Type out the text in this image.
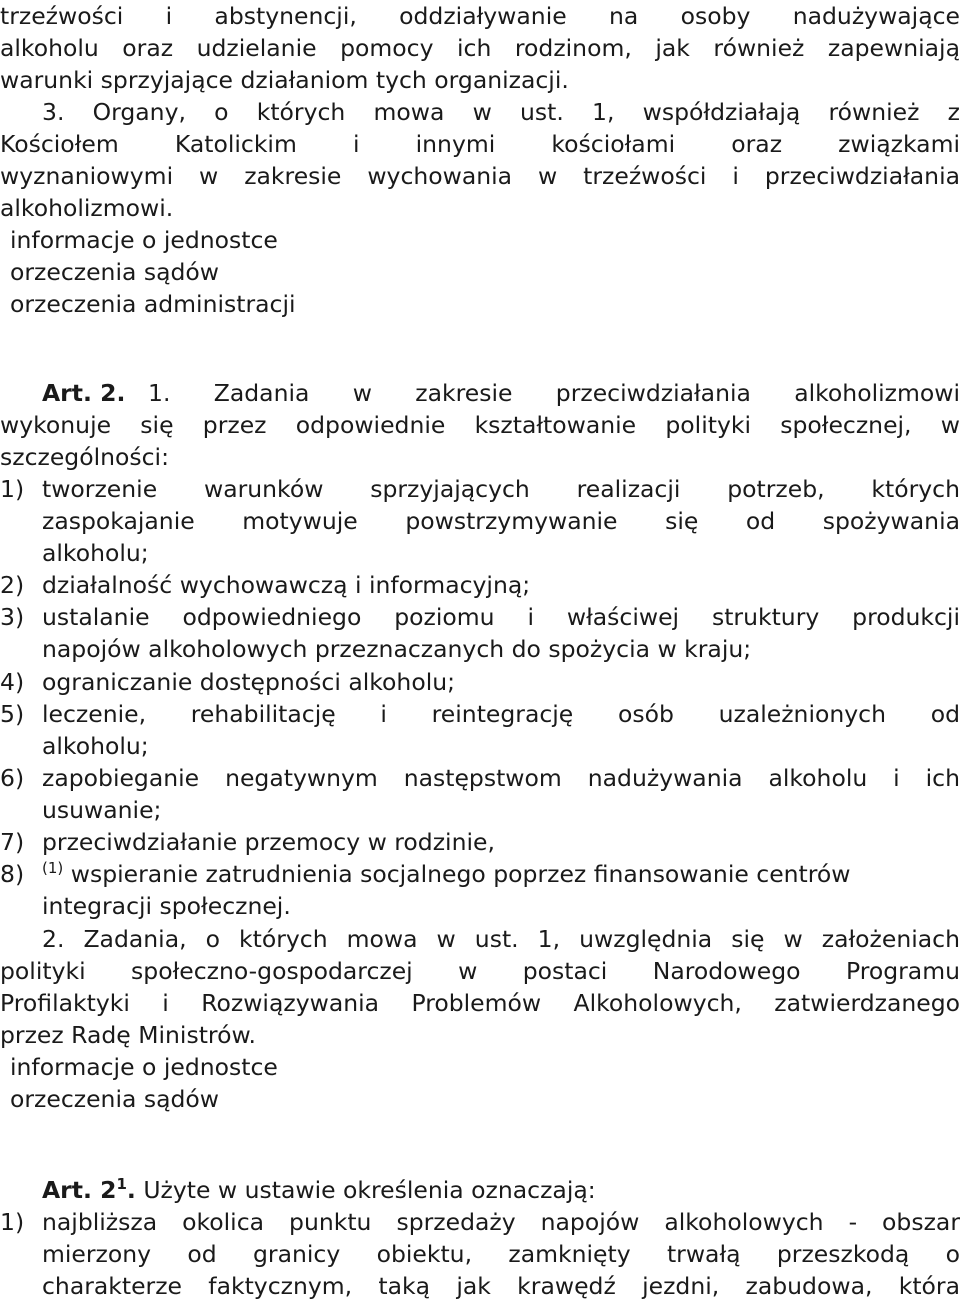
trzeźwości i abstynencji, oddziaływanie na osoby nadużywające
alkoholu oraz udzielanie pomocy ich rodzinom, jak również zapewniają
warunki sprzyjające działaniom tych organizacji.
3. Organy, o których mowa w ust. 1, współdziałają również z
Kościołem Katolickim i innymi kościołami oraz związkami
wyznaniowymi w zakresie wychowania w trzeźwości i przeciwdziałania
alkoholizmowi.
informacje o jednostce
orzeczenia sądów
orzeczenia administracji
Art. 2. 1. Zadania w zakresie przeciwdziałania alkoholizmowi
wykonuje się przez odpowiednie kształtowanie polityki społecznej, w
szczególności:
1) tworzenie warunków sprzyjających realizacji potrzeb, których
zaspokajanie motywuje powstrzymywanie się od spożywania
alkoholu;
2) działalność wychowawczą i informacyjną;
3) ustalanie odpowiedniego poziomu i właściwej struktury produkcji
napojów alkoholowych przeznaczanych do spożycia w kraju;
4) ograniczanie dostępności alkoholu;
5) leczenie, rehabilitację i reintegrację osób uzależnionych od
alkoholu;
6) zapobieganie negatywnym następstwom nadużywania alkoholu i ich
usuwanie;
7) przeciwdziałanie przemocy w rodzinie,
8) $^{(1)}$ wspieranie zatrudnienia socjalnego poprzez finansowanie centrów
integracji społecznej.
2. Zadania, o których mowa w ust. 1, uwzględnia się w założeniach
polityki społeczno-gospodarczej w postaci Narodowego Programu
Profilaktyki i Rozwiązywania Problemów Alkoholowych, zatwierdzanego
przez Radę Ministrów.
informacje o jednostce
orzeczenia sądów
Art. $2^1$. Użyte w ustawie określenia oznaczają:
1) najbliższa okolica punktu sprzedaży napojów alkoholowych - obszar
mierzony od granicy obiektu, zamknięty trwałą przeszkodą o
charakterze faktycznym, taką jak krawędź jezdni, zabudowa, która
